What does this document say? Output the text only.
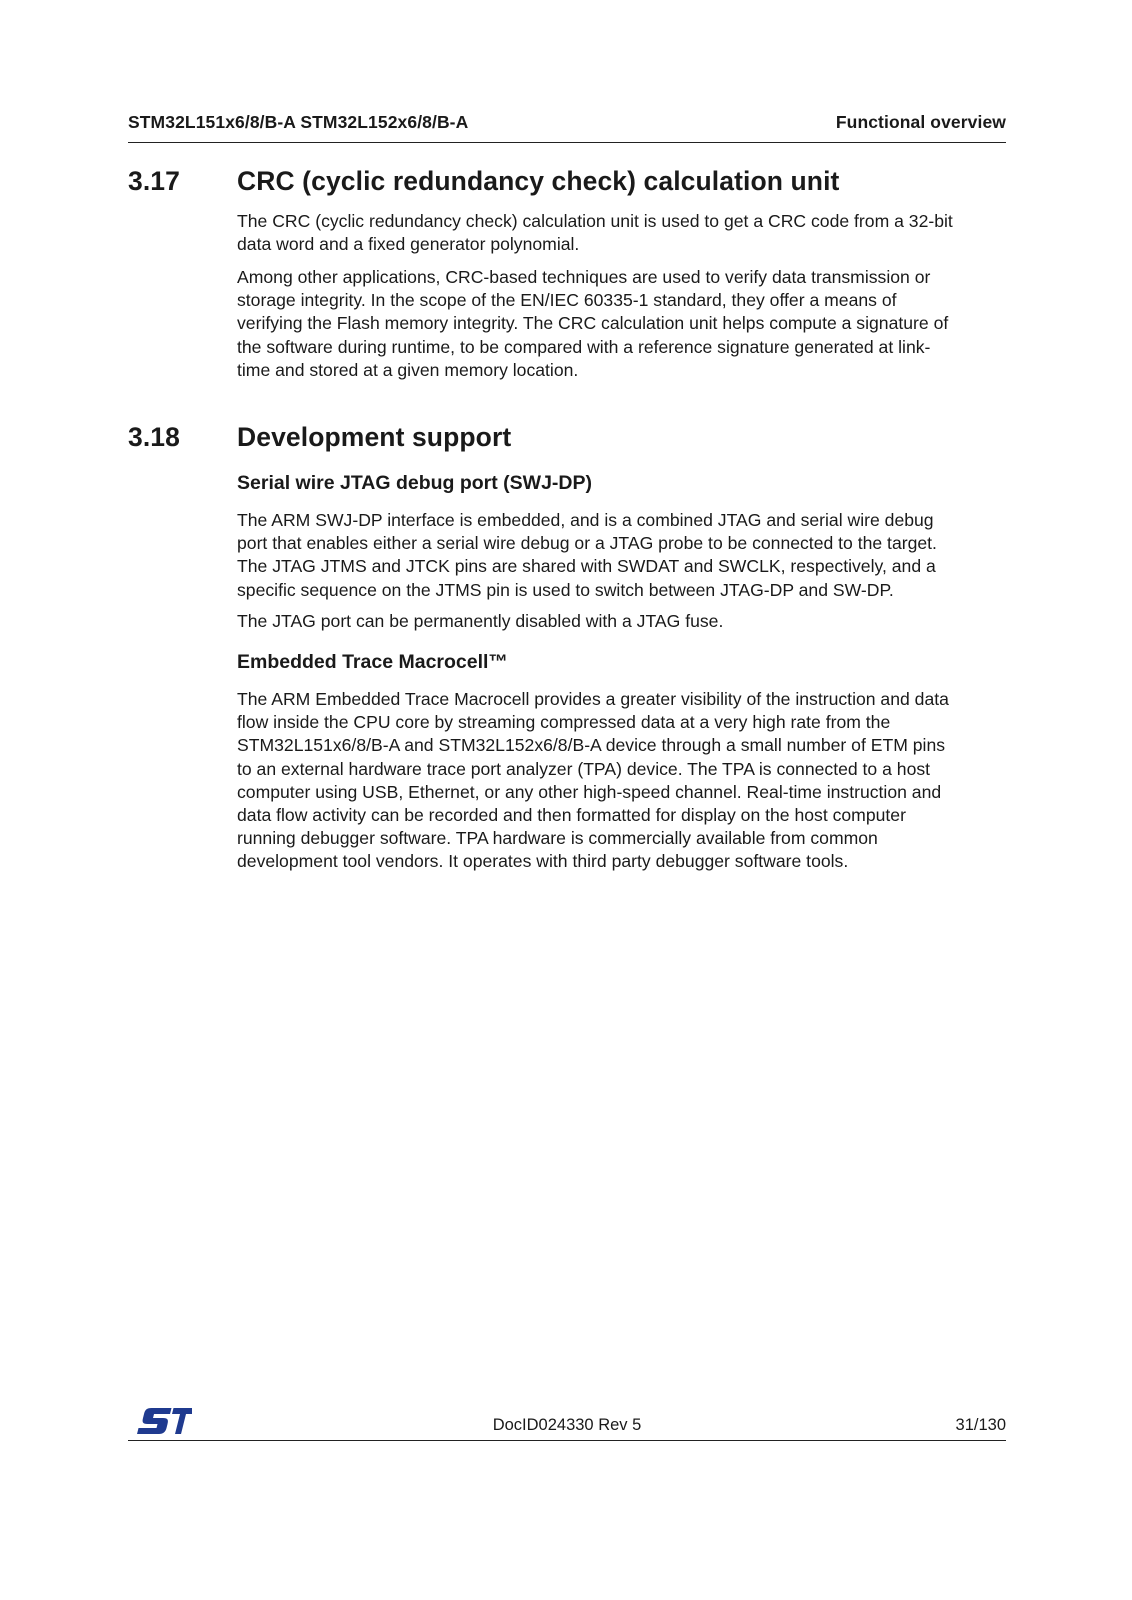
STM32L151x6/8/B-A STM32L152x6/8/B-A	Functional overview
3.17 CRC (cyclic redundancy check) calculation unit

The CRC (cyclic redundancy check) calculation unit is used to get a CRC code from a 32-bit
data word and a fixed generator polynomial.

Among other applications, CRC-based techniques are used to verify data transmission or
storage integrity. In the scope of the EN/IEC 60335-1 standard, they offer a means of
verifying the Flash memory integrity. The CRC calculation unit helps compute a signature of
the software during runtime, to be compared with a reference signature generated at link-
time and stored at a given memory location.

3.18 Development support
Serial wire JTAG debug port (SWJ-DP)

The ARM SWJ-DP interface is embedded, and is a combined JTAG and serial wire debug
port that enables either a serial wire debug or a JTAG probe to be connected to the target.
The JTAG JTMS and JTCK pins are shared with SWDAT and SWCLK, respectively, and a
specific sequence on the JTMS pin is used to switch between JTAG-DP and SW-DP.

The JTAG port can be permanently disabled with a JTAG fuse.

Embedded Trace Macrocell™

The ARM Embedded Trace Macrocell provides a greater visibility of the instruction and data
flow inside the CPU core by streaming compressed data at a very high rate from the
STM32L151x6/8/B-A and STM32L152x6/8/B-A device through a small number of ETM pins
to an external hardware trace port analyzer (TPA) device. The TPA is connected to a host
computer using USB, Ethernet, or any other high-speed channel. Real-time instruction and
data flow activity can be recorded and then formatted for display on the host computer
running debugger software. TPA hardware is commercially available from common
development tool vendors. It operates with third party debugger software tools.

DocID024330 Rev 5	31/130
